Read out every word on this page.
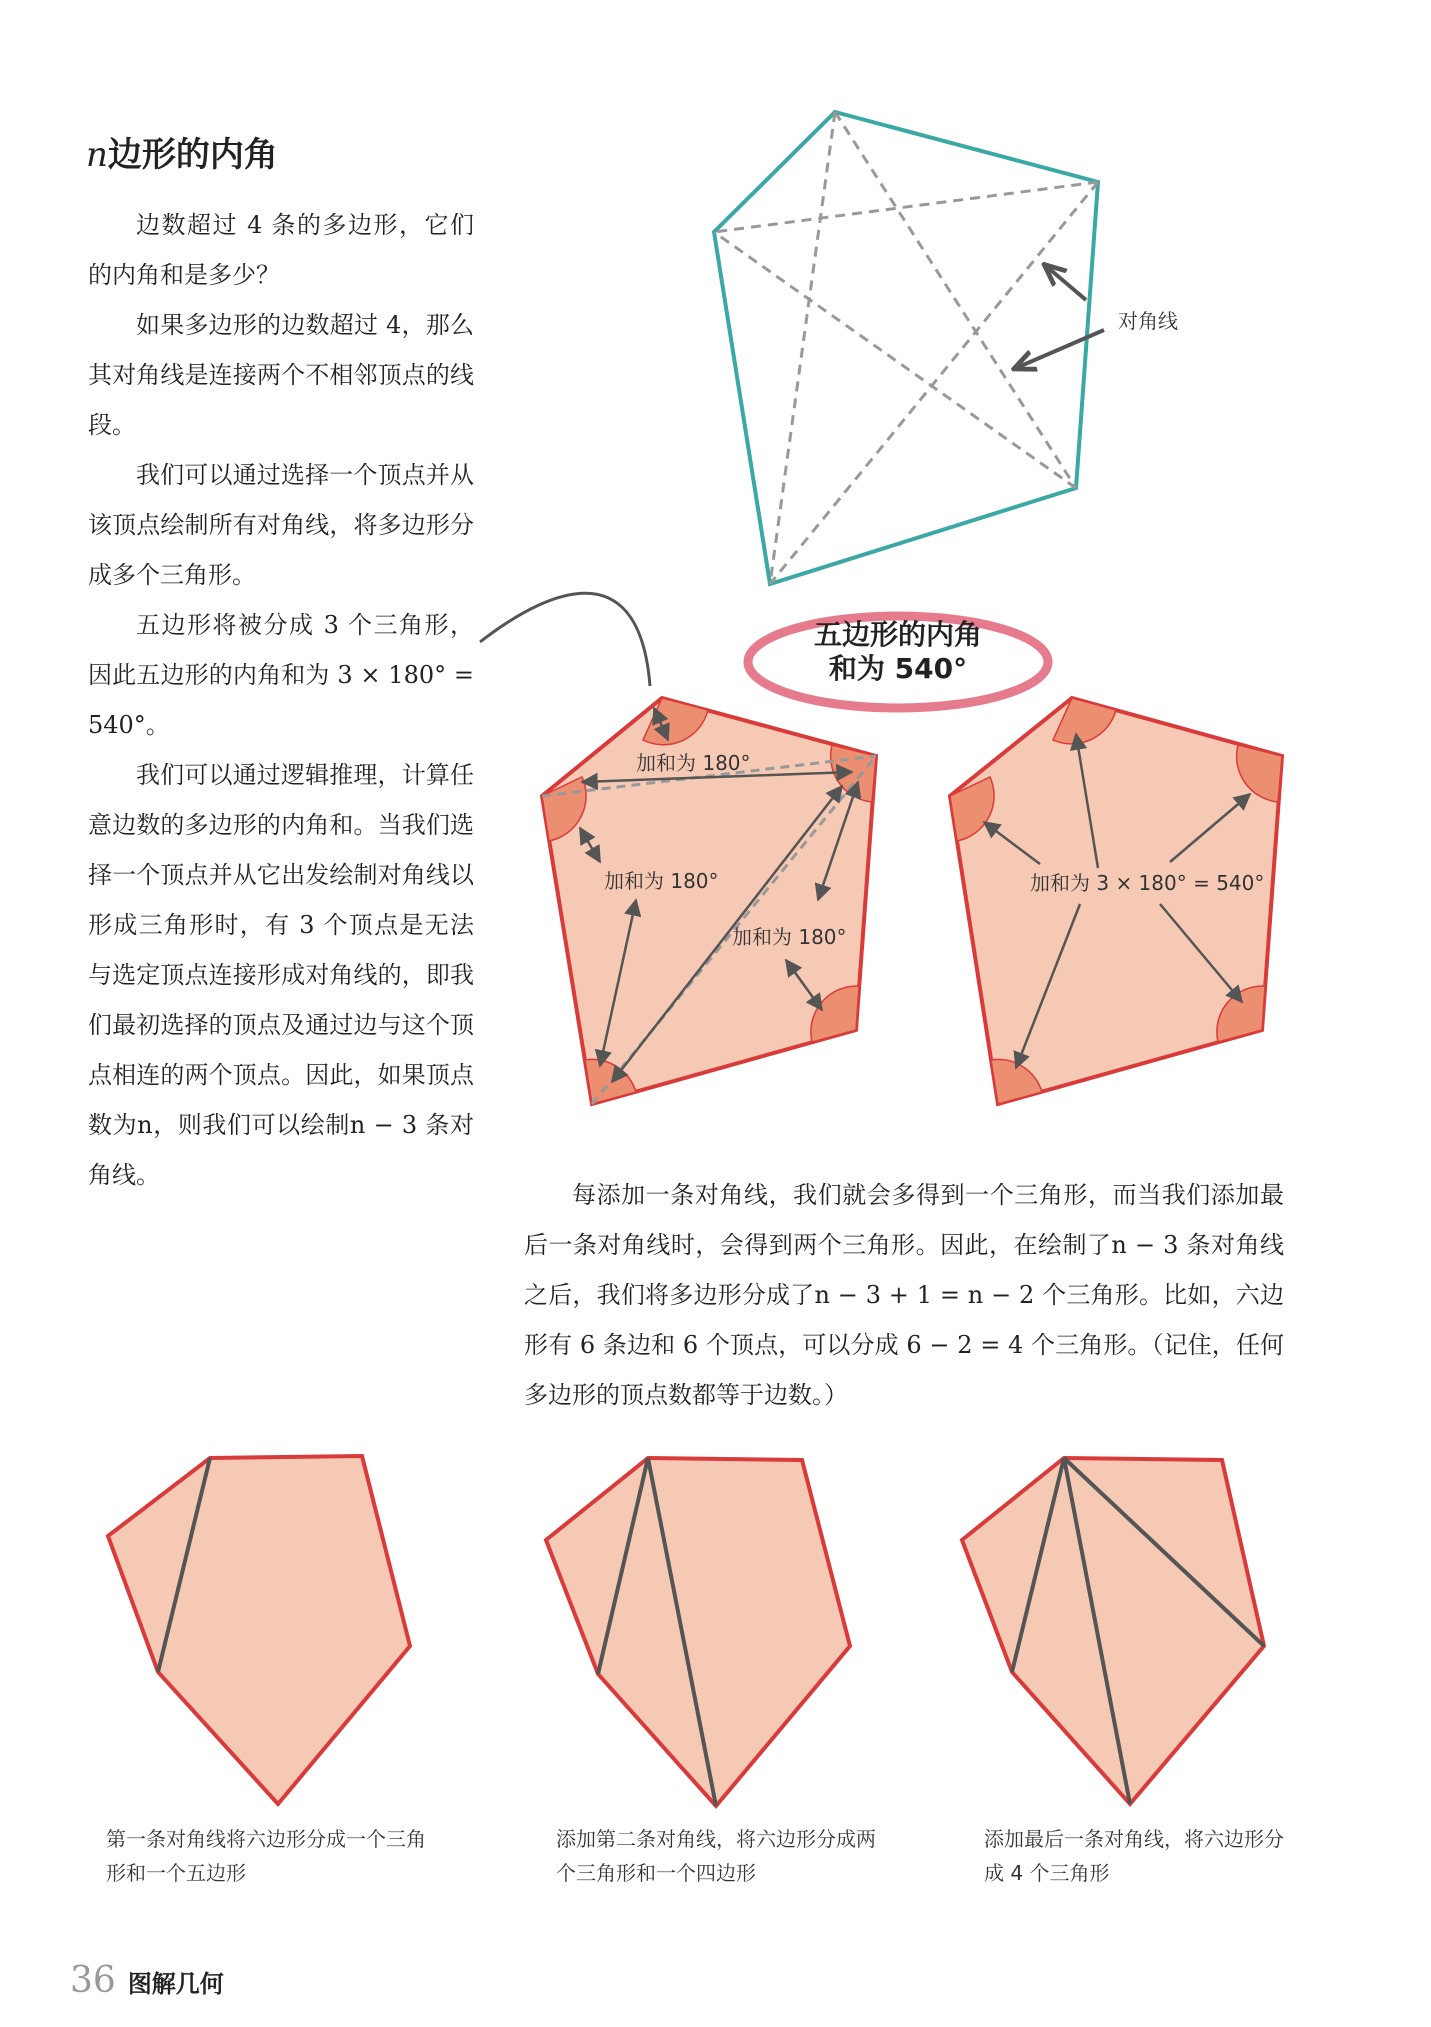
n边形的内角

边数超过 4 条的多边形，它们的内角和是多少？

如果多边形的边数超过 4，那么其对角线是连接两个不相邻顶点的线段。

我们可以通过选择一个顶点并从该顶点绘制所有对角线，将多边形分成多个三角形。

五边形将被分成 3 个三角形，因此五边形的内角和为 3 × 180° = 540°。

我们可以通过逻辑推理，计算任意边数的多边形的内角和。当我们选择一个顶点并从它出发绘制对角线以形成三角形时，有 3 个顶点是无法与选定顶点连接形成对角线的，即我们最初选择的顶点及通过边与这个顶点相连的两个顶点。因此，如果顶点数为n，则我们可以绘制n − 3 条对角线。

对角线
加和为 180°
加和为 180°
加和为 180°
加和为 3 × 180° = 540°
五边形的内角
和为 540°

每添加一条对角线，我们就会多得到一个三角形，而当我们添加最后一条对角线时，会得到两个三角形。因此，在绘制了n − 3 条对角线之后，我们将多边形分成了n − 3 + 1 = n − 2 个三角形。比如，六边形有 6 条边和 6 个顶点，可以分成 6 − 2 = 4 个三角形。（记住，任何多边形的顶点数都等于边数。）

第一条对角线将六边形分成一个三角形和一个五边形
添加第二条对角线，将六边形分成两个三角形和一个四边形
添加最后一条对角线，将六边形分成 4 个三角形
36 图解几何
